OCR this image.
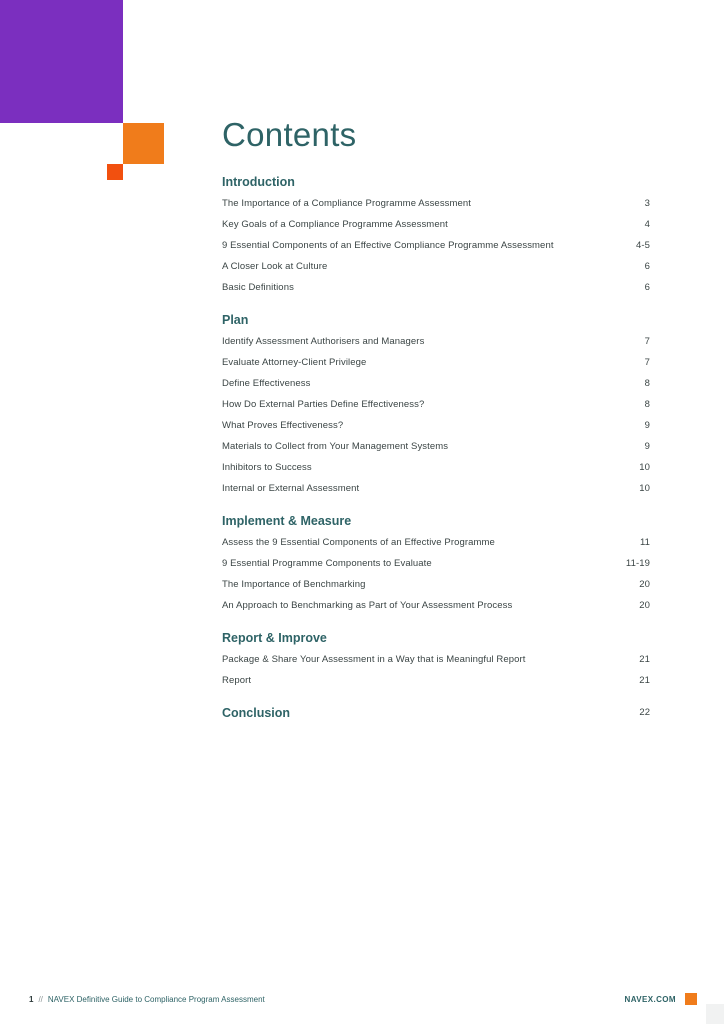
Contents
Introduction
The Importance of a Compliance Programme Assessment	3
Key Goals of a Compliance Programme Assessment	4
9 Essential Components of an Effective Compliance Programme Assessment	4-5
A Closer Look at Culture	6
Basic Definitions	6
Plan
Identify Assessment Authorisers and Managers	7
Evaluate Attorney-Client Privilege	7
Define Effectiveness	8
How Do External Parties Define Effectiveness?	8
What Proves Effectiveness?	9
Materials to Collect from Your Management Systems	9
Inhibitors to Success	10
Internal or External Assessment	10
Implement & Measure
Assess the 9 Essential Components of an Effective Programme	11
9 Essential Programme Components to Evaluate	11-19
The Importance of Benchmarking	20
An Approach to Benchmarking as Part of Your Assessment Process	20
Report & Improve
Package & Share Your Assessment in a Way that is Meaningful Report	21
Report	21
Conclusion	22
1 // NAVEX Definitive Guide to Compliance Program Assessment	NAVEX.COM
